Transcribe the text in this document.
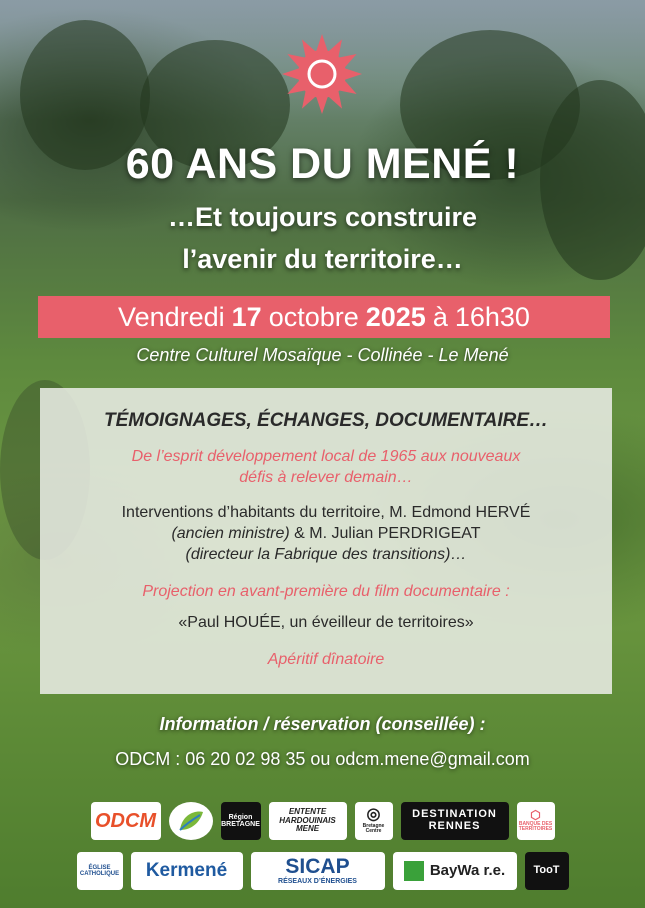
60 ANS DU MENÉ !
…Et toujours construire
l’avenir du territoire…
Vendredi 17 octobre 2025 à 16h30
Centre Culturel Mosaïque - Collinée - Le Mené
TÉMOIGNAGES, ÉCHANGES, DOCUMENTAIRE…
De l’esprit développement local de 1965 aux nouveaux
défis à relever demain…
Interventions d’habitants du territoire, M. Edmond HERVÉ
(ancien ministre) & M. Julian PERDRIGEAT
(directeur la Fabrique des transitions)…
Projection en avant-première du film documentaire :
«Paul HOUÉE, un éveilleur de territoires»
Apéritif dînatoire
Information / réservation (conseillée) :
ODCM : 06 20 02 98 35 ou odcm.mene@gmail.com
ODCM	Région
BRETAGNE
ENTENTE
HARDOUINAIS
MENE
◎
Bretagne Centre
DESTINATION
RENNES
⬡
BANQUE DES
TERRITOIRES
ÉGLISE
CATHOLIQUE Kermené	SICAP
RÉSEAUX D’ÉNERGIES
BayWa r.e.	TooT
